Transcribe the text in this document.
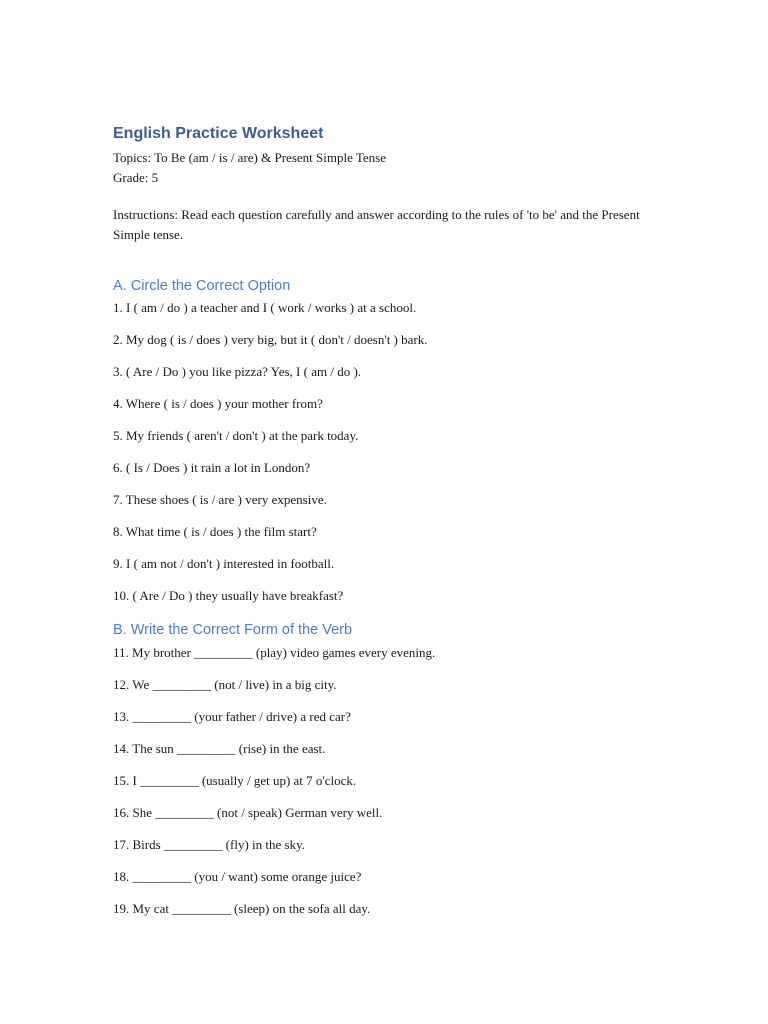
English Practice Worksheet
Topics: To Be (am / is / are) & Present Simple Tense
Grade: 5
Instructions: Read each question carefully and answer according to the rules of 'to be' and the Present Simple tense.
A. Circle the Correct Option
1. I ( am / do ) a teacher and I ( work / works ) at a school.
2. My dog ( is / does ) very big, but it ( don't / doesn't ) bark.
3. ( Are / Do ) you like pizza? Yes, I ( am / do ).
4. Where ( is / does ) your mother from?
5. My friends ( aren't / don't ) at the park today.
6. ( Is / Does ) it rain a lot in London?
7. These shoes ( is / are ) very expensive.
8. What time ( is / does ) the film start?
9. I ( am not / don't ) interested in football.
10. ( Are / Do ) they usually have breakfast?
B. Write the Correct Form of the Verb
11. My brother _________ (play) video games every evening.
12. We _________ (not / live) in a big city.
13. _________ (your father / drive) a red car?
14. The sun _________ (rise) in the east.
15. I _________ (usually / get up) at 7 o'clock.
16. She _________ (not / speak) German very well.
17. Birds _________ (fly) in the sky.
18. _________ (you / want) some orange juice?
19. My cat _________ (sleep) on the sofa all day.
